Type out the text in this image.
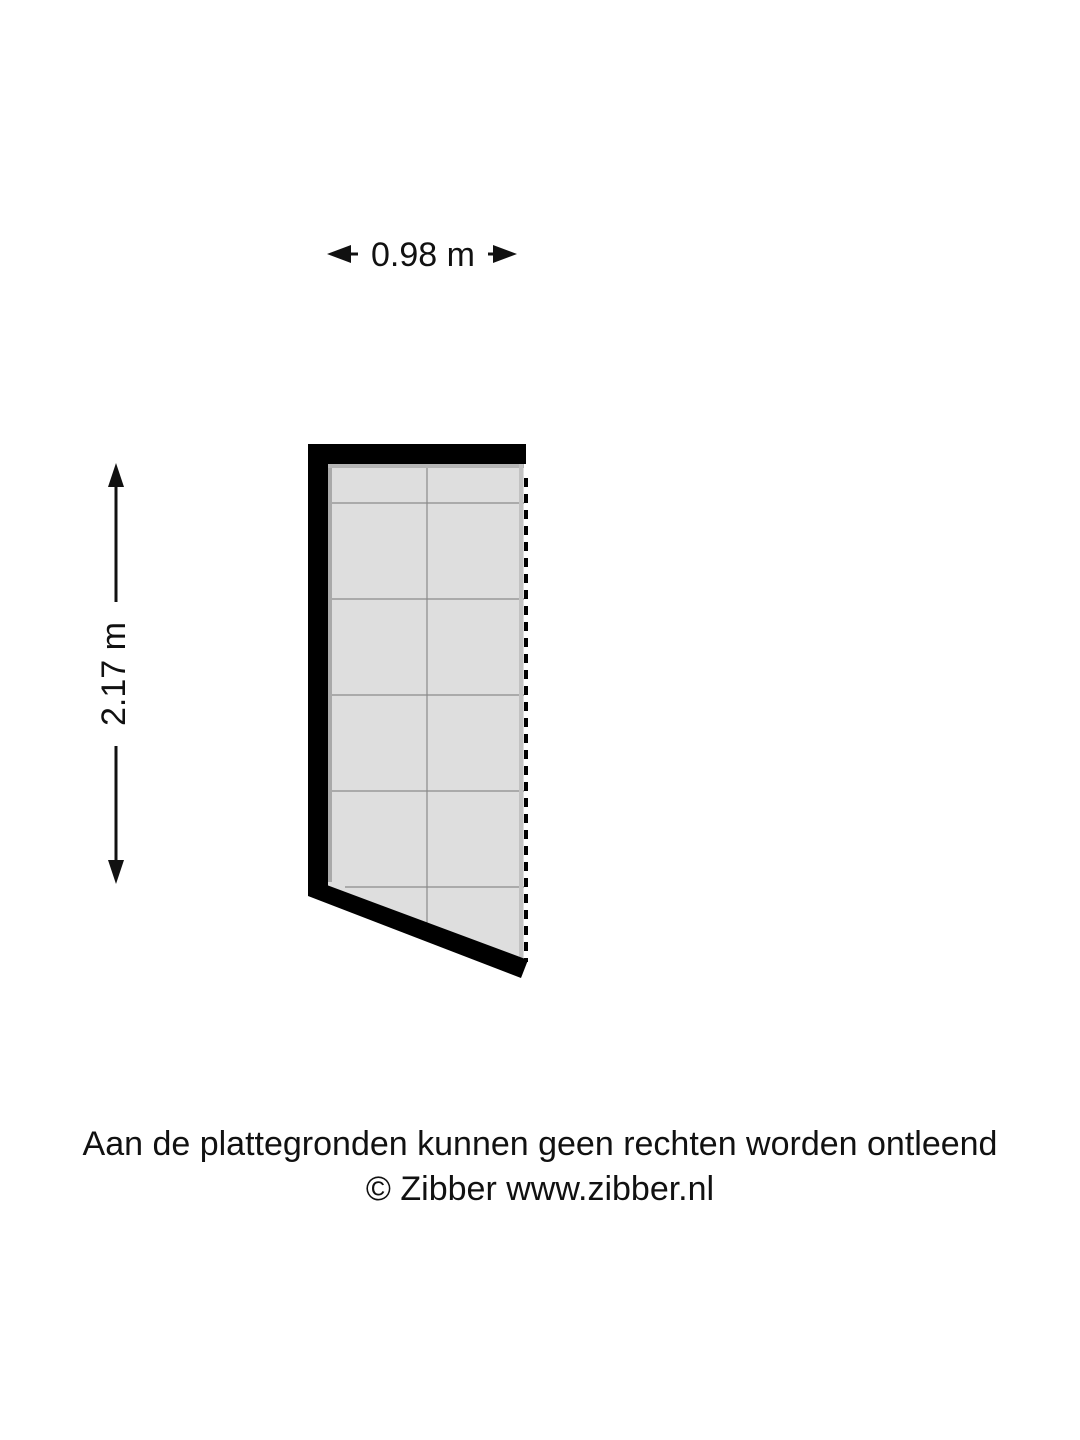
0.98 m
2.17 m
Aan de plattegronden kunnen geen rechten worden ontleend
© Zibber www.zibber.nl
